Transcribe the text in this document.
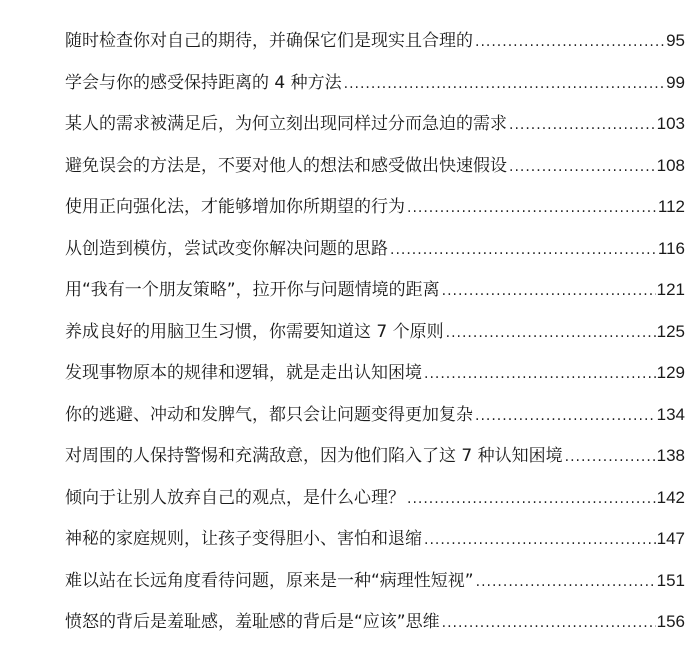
随时检查你对自己的期待，并确保它们是现实且合理的 .....	95
学会与你的感受保持距离的 4 种方法 .....	99
某人的需求被满足后，为何立刻出现同样过分而急迫的需求 .....	103
避免误会的方法是，不要对他人的想法和感受做出快速假设 .....	108
使用正向强化法，才能够增加你所期望的行为 .....	112
从创造到模仿，尝试改变你解决问题的思路 .....	116
用“我有一个朋友策略”，拉开你与问题情境的距离 .....	121
养成良好的用脑卫生习惯，你需要知道这 7 个原则 .....	125
发现事物原本的规律和逻辑，就是走出认知困境 .....	129
你的逃避、冲动和发脾气，都只会让问题变得更加复杂 .....	134
对周围的人保持警惕和充满敌意，因为他们陷入了这 7 种认知困境 .....	138
倾向于让别人放弃自己的观点，是什么心理？ .....	142
神秘的家庭规则，让孩子变得胆小、害怕和退缩 .....	147
难以站在长远角度看待问题，原来是一种“病理性短视” .....	151
愤怒的背后是羞耻感，羞耻感的背后是“应该”思维 .....	156
